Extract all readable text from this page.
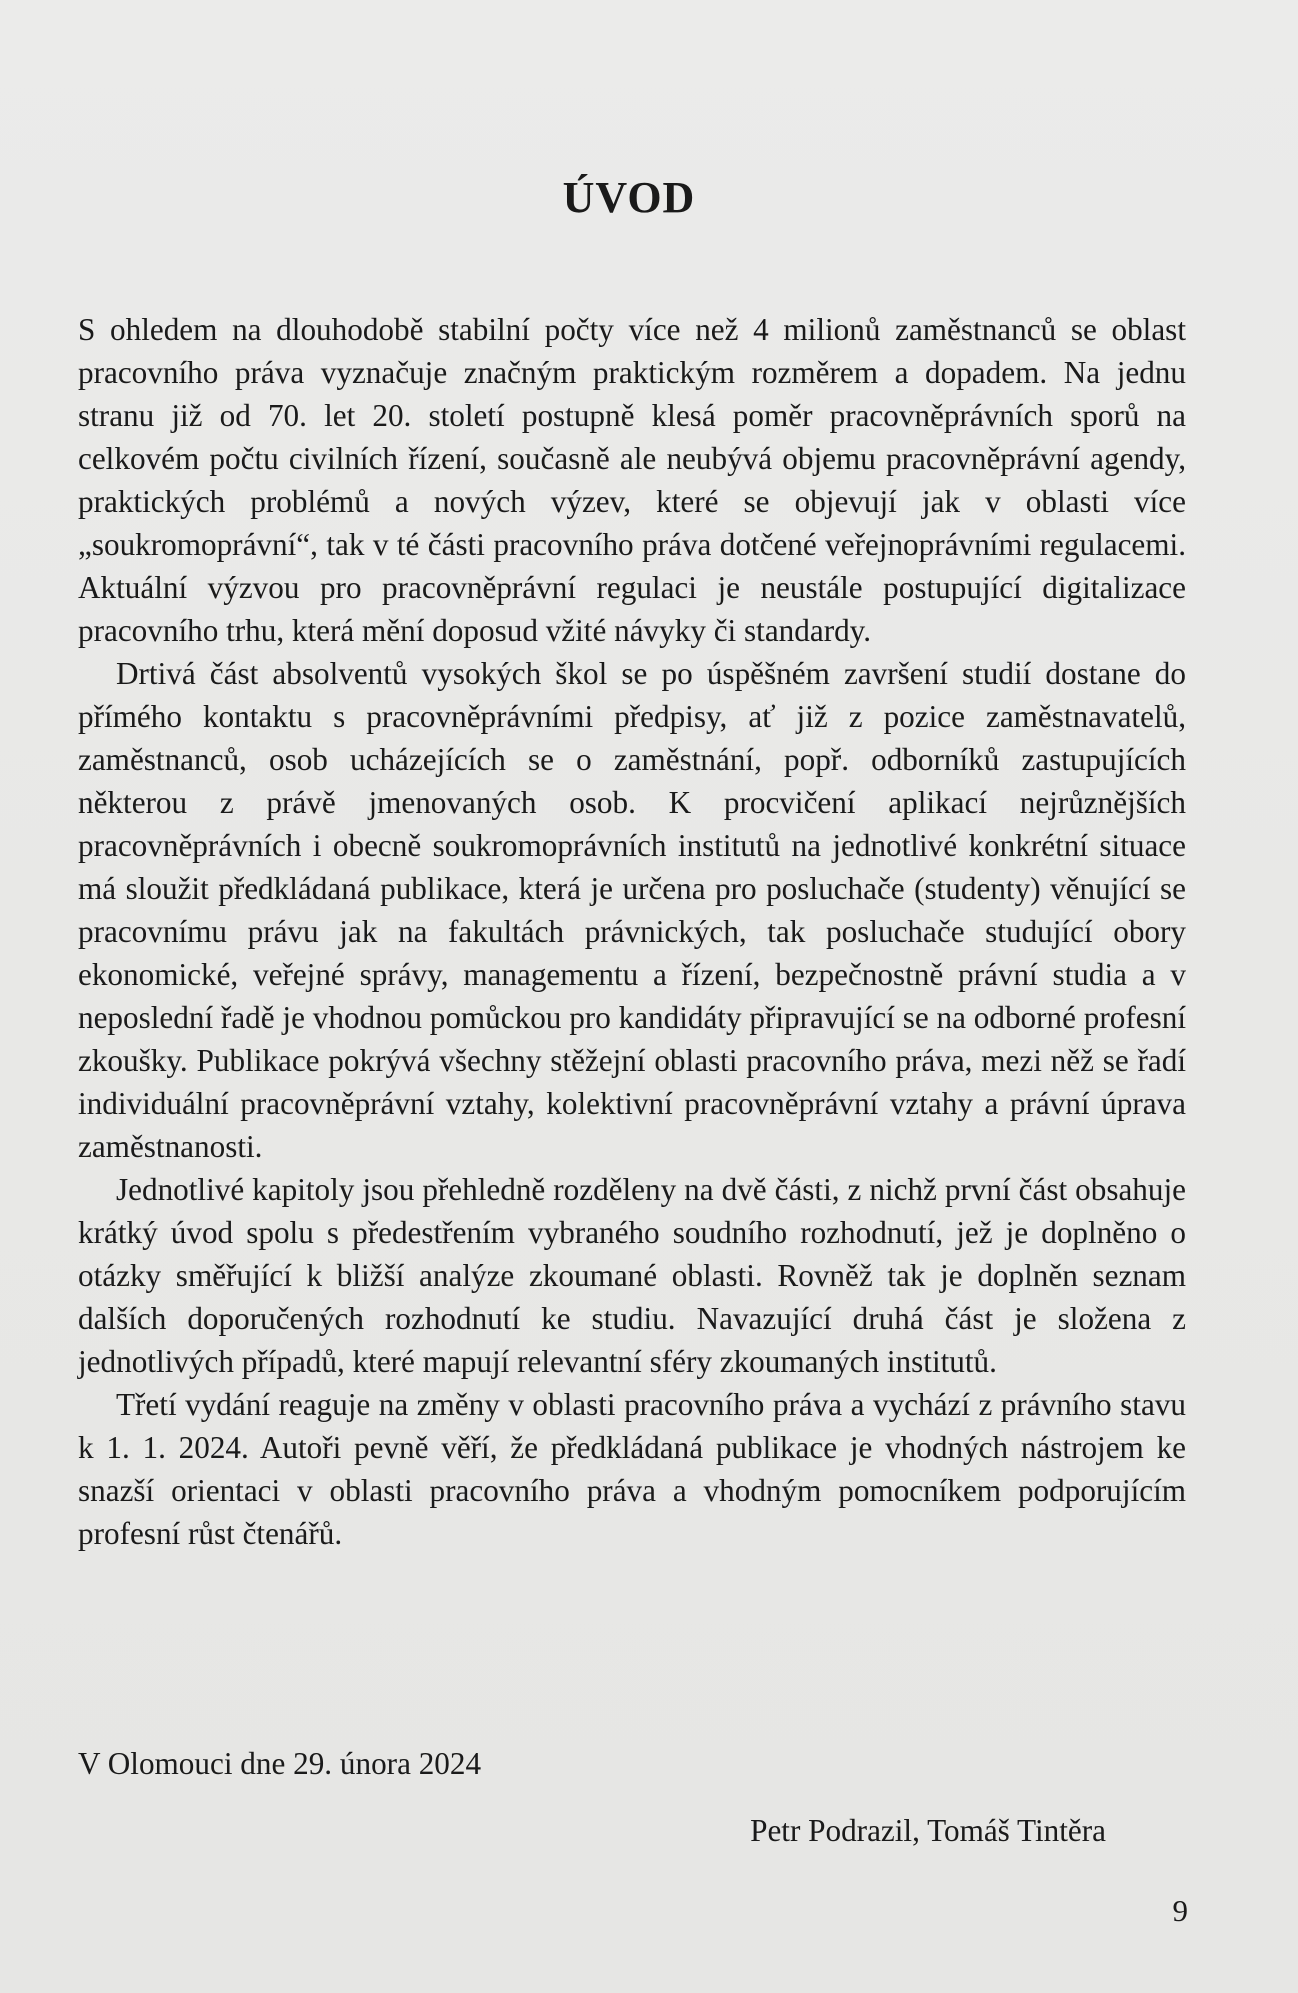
ÚVOD

S ohledem na dlouhodobě stabilní počty více než 4 milionů zaměstnanců se oblast pracovního práva vyznačuje značným praktickým rozměrem a dopadem. Na jednu stranu již od 70. let 20. století postupně klesá poměr pracovněprávních sporů na celkovém počtu civilních řízení, současně ale neubývá objemu pracovněprávní agendy, praktických problémů a nových výzev, které se objevují jak v oblasti více „soukromoprávní“, tak v té části pracovního práva dotčené veřejnoprávními regulacemi. Aktuální výzvou pro pracovněprávní regulaci je neustále postupující digitalizace pracovního trhu, která mění doposud vžité návyky či standardy.

Drtivá část absolventů vysokých škol se po úspěšném završení studií dostane do přímého kontaktu s pracovněprávními předpisy, ať již z pozice zaměstnavatelů, zaměstnanců, osob ucházejících se o zaměstnání, popř. odborníků zastupujících některou z právě jmenovaných osob. K procvičení aplikací nejrůznějších pracovněprávních i obecně soukromoprávních institutů na jednotlivé konkrétní situace má sloužit předkládaná publikace, která je určena pro posluchače (studenty) věnující se pracovnímu právu jak na fakultách právnických, tak posluchače studující obory ekonomické, veřejné správy, managementu a řízení, bezpečnostně právní studia a v neposlední řadě je vhodnou pomůckou pro kandidáty připravující se na odborné profesní zkoušky. Publikace pokrývá všechny stěžejní oblasti pracovního práva, mezi něž se řadí individuální pracovněprávní vztahy, kolektivní pracovněprávní vztahy a právní úprava zaměstnanosti.

Jednotlivé kapitoly jsou přehledně rozděleny na dvě části, z nichž první část obsahuje krátký úvod spolu s předestřením vybraného soudního rozhodnutí, jež je doplněno o otázky směřující k bližší analýze zkoumané oblasti. Rovněž tak je doplněn seznam dalších doporučených rozhodnutí ke studiu. Navazující druhá část je složena z jednotlivých případů, které mapují relevantní sféry zkoumaných institutů.

Třetí vydání reaguje na změny v oblasti pracovního práva a vychází z právního stavu k 1. 1. 2024. Autoři pevně věří, že předkládaná publikace je vhodných nástrojem ke snazší orientaci v oblasti pracovního práva a vhodným pomocníkem podporujícím profesní růst čtenářů.

V Olomouci dne 29. února 2024
Petr Podrazil, Tomáš Tintěra
9
